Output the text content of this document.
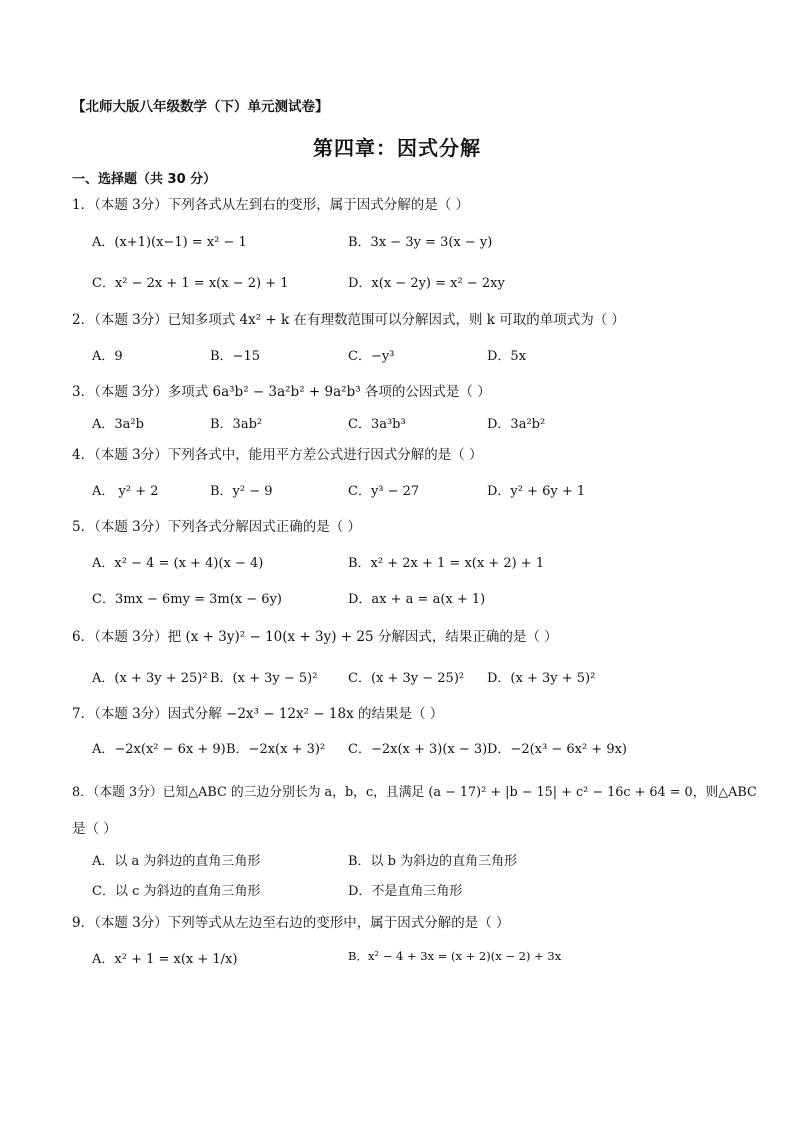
【北师大版八年级数学（下）单元测试卷】
第四章：因式分解
一、选择题（共 30 分）
1．（本题 3分）下列各式从左到右的变形，属于因式分解的是（ ）
A．(x+1)(x−1) = x² − 1	B．3x − 3y = 3(x − y)
C．x² − 2x + 1 = x(x − 2) + 1	D．x(x − 2y) = x² − 2xy
2．（本题 3分）已知多项式 4x² + k 在有理数范围可以分解因式，则 k 可取的单项式为（ ）
A．9	B．−15	C．−y³	D．5x
3．（本题 3分）多项式 6a³b² − 3a²b² + 9a²b³ 各项的公因式是（ ）
A．3a²b	B．3ab²	C．3a³b³	D．3a²b²
4．（本题 3分）下列各式中，能用平方差公式进行因式分解的是（ ）
A． y² + 2	B．y² − 9	C．y³ − 27	D．y² + 6y + 1
5．（本题 3分）下列各式分解因式正确的是（ ）
A．x² − 4 = (x + 4)(x − 4)	B．x² + 2x + 1 = x(x + 2) + 1
C．3mx − 6my = 3m(x − 6y)	D．ax + a = a(x + 1)
6．（本题 3分）把 (x + 3y)² − 10(x + 3y) + 25 分解因式，结果正确的是（ ）
A．(x + 3y + 25)² B．(x + 3y − 5)² C．(x + 3y − 25)² D．(x + 3y + 5)²
7．（本题 3分）因式分解 −2x³ − 12x² − 18x 的结果是（ ）
A．−2x(x² − 6x + 9) B．−2x(x + 3)² C．−2x(x + 3)(x − 3) D．−2(x³ − 6x² + 9x)
8．（本题 3分）已知△ABC 的三边分别长为 a，b，c，且满足 (a − 17)² + |b − 15| + c² − 16c + 64 = 0，则△ABC
是（ ）
A．以 a 为斜边的直角三角形	B．以 b 为斜边的直角三角形
C．以 c 为斜边的直角三角形	D．不是直角三角形
9．（本题 3分）下列等式从左边至右边的变形中，属于因式分解的是（ ）
A．x² + 1 = x(x + 1/x)	B．x² − 4 + 3x = (x + 2)(x − 2) + 3x
